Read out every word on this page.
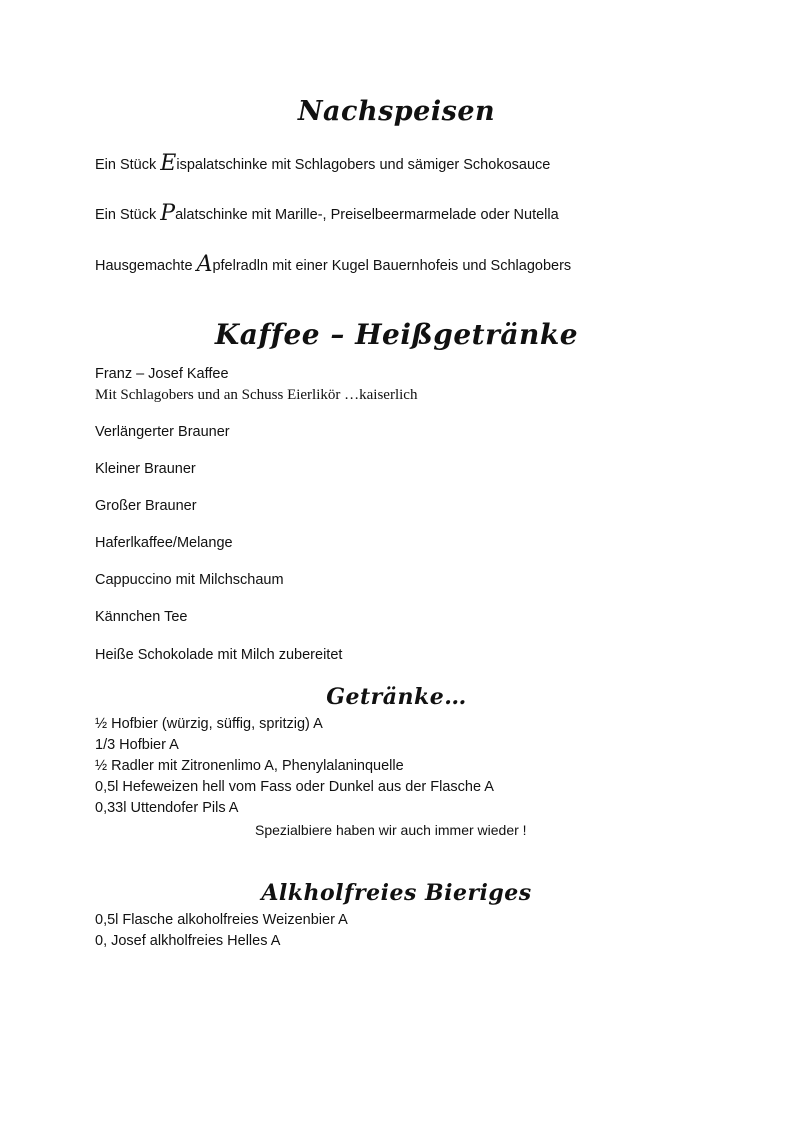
Nachspeisen
Ein Stück Eispalatschinke mit Schlagobers und sämiger Schokosauce
Ein Stück Palatschinke mit Marille-, Preiselbeermarmelade oder Nutella
Hausgemachte Apfelradln mit einer Kugel Bauernhofeis und Schlagobers
Kaffee – Heißgetränke
Franz – Josef Kaffee
Mit Schlagobers und an Schuss Eierlikör …kaiserlich
Verlängerter Brauner
Kleiner Brauner
Großer Brauner
Haferlkaffee/Melange
Cappuccino mit Milchschaum
Kännchen Tee
Heiße Schokolade mit Milch zubereitet
Getränke…
½ Hofbier (würzig, süffig, spritzig) A
1/3 Hofbier A
½ Radler mit Zitronenlimo A, Phenylalaninquelle
0,5l Hefeweizen hell vom Fass oder Dunkel aus der Flasche A
0,33l Uttendofer Pils A
Spezialbiere haben wir auch immer wieder !
Alkholfreies Bieriges
0,5l Flasche alkoholfreies Weizenbier A
0, Josef alkholfreies Helles A
